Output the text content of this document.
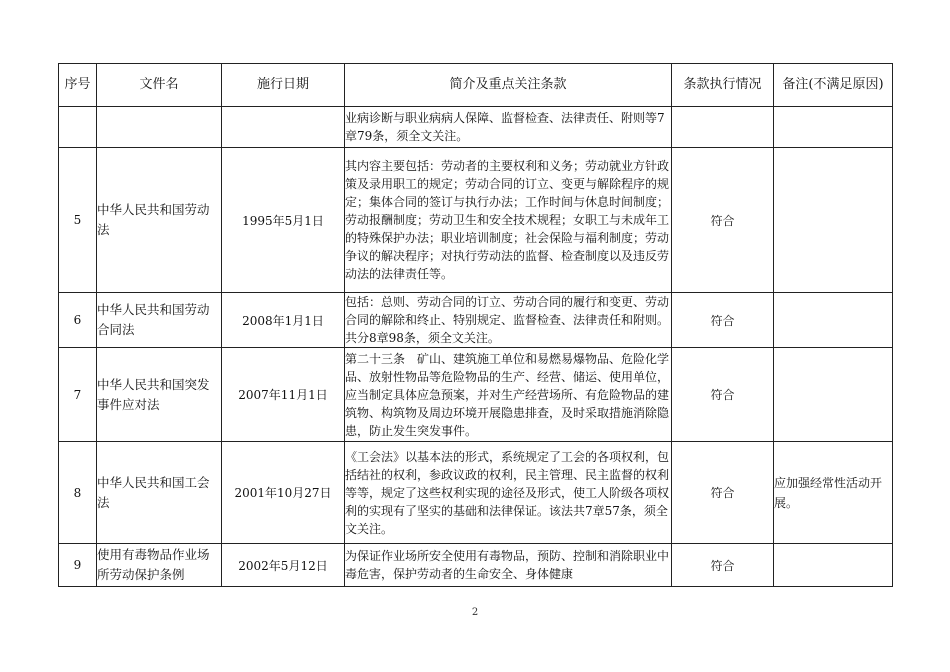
序号	文件名	施行日期	简介及重点关注条款	条款执行情况	备注(不满足原因)
			业病诊断与职业病病人保障、监督检查、法律责任、附则等7章79条，须全文关注。		
5	中华人民共和国劳动法	1995年5月1日	其内容主要包括：劳动者的主要权利和义务；劳动就业方针政策及录用职工的规定；劳动合同的订立、变更与解除程序的规定；集体合同的签订与执行办法；工作时间与休息时间制度；劳动报酬制度；劳动卫生和安全技术规程；女职工与未成年工的特殊保护办法；职业培训制度；社会保险与福利制度；劳动争议的解决程序；对执行劳动法的监督、检查制度以及违反劳动法的法律责任等。	符合	
6	中华人民共和国劳动合同法	2008年1月1日	包括：总则、劳动合同的订立、劳动合同的履行和变更、劳动合同的解除和终止、特别规定、监督检查、法律责任和附则。共分8章98条，须全文关注。	符合	
7	中华人民共和国突发事件应对法	2007年11月1日	第二十三条　矿山、建筑施工单位和易燃易爆物品、危险化学品、放射性物品等危险物品的生产、经营、储运、使用单位，应当制定具体应急预案，并对生产经营场所、有危险物品的建筑物、构筑物及周边环境开展隐患排查，及时采取措施消除隐患，防止发生突发事件。	符合	
8	中华人民共和国工会法	2001年10月27日	《工会法》以基本法的形式，系统规定了工会的各项权利，包括结社的权利，参政议政的权利，民主管理、民主监督的权利等等，规定了这些权利实现的途径及形式，使工人阶级各项权利的实现有了坚实的基础和法律保证。该法共7章57条，须全文关注。	符合	应加强经常性活动开展。
9	使用有毒物品作业场所劳动保护条例	2002年5月12日	为保证作业场所安全使用有毒物品，预防、控制和消除职业中毒危害，保护劳动者的生命安全、身体健康	符合	
2
